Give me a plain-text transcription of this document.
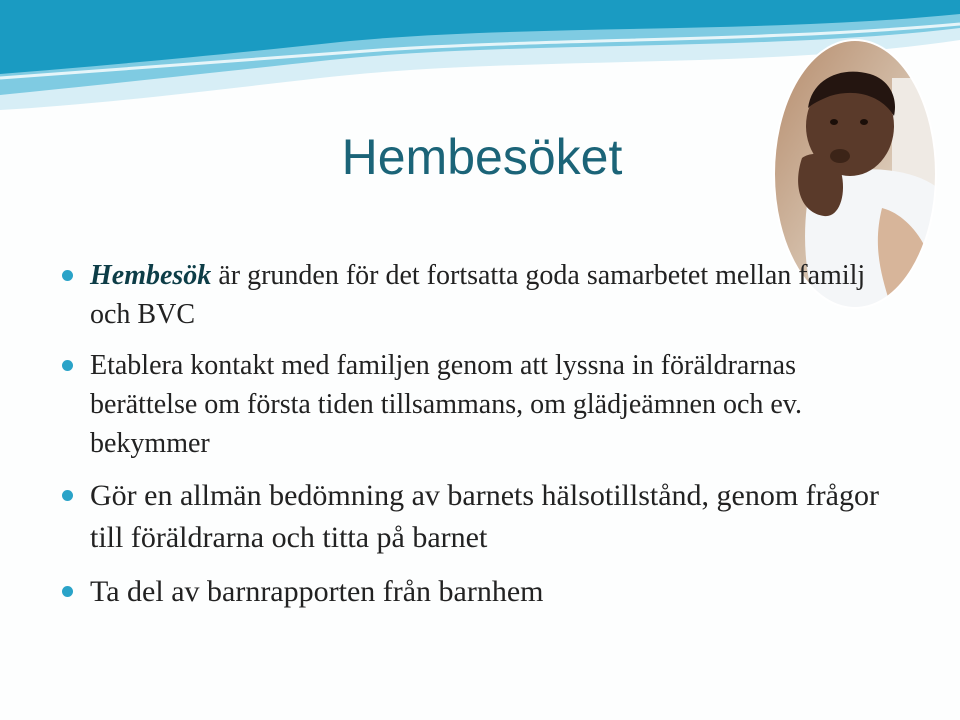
Hembesöket
Hembesök är grunden för det fortsatta goda samarbetet mellan familj och BVC
Etablera kontakt med familjen genom att lyssna in föräldrarnas berättelse om första tiden tillsammans, om glädjeämnen och ev. bekymmer
Gör en allmän bedömning av barnets hälsotillstånd, genom frågor till föräldrarna och titta på barnet
Ta del av barnrapporten från barnhem
